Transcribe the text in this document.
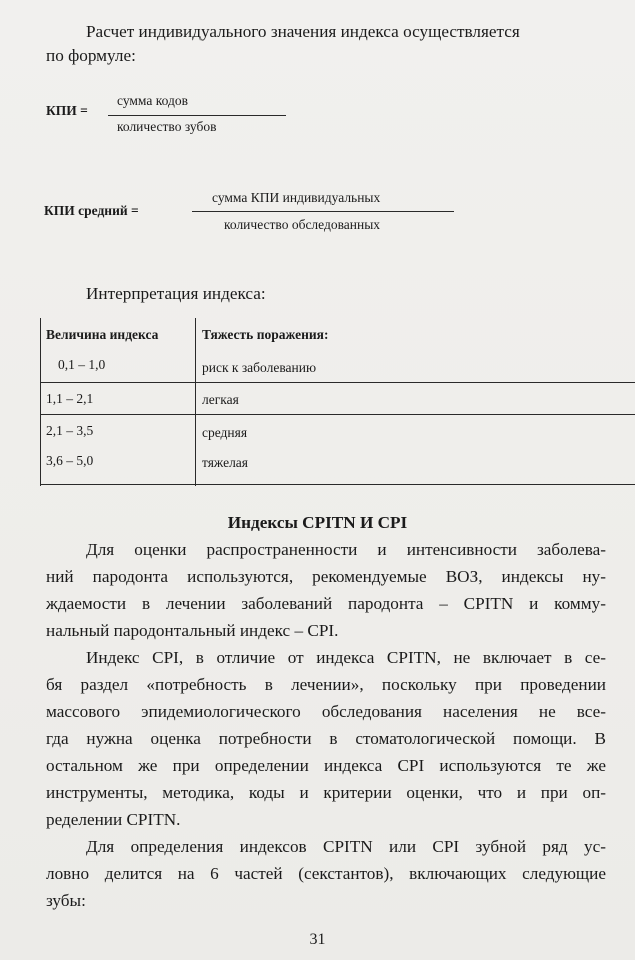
Расчет индивидуального значения индекса осуществляется
по формуле:
КПИ =
сумма кодов
количество зубов
КПИ средний =
сумма КПИ индивидуальных
количество обследованных
Интерпретация индекса:
Величина индекса	Тяжесть поражения:
0,1 – 1,0	риск к заболеванию
1,1 – 2,1	легкая
2,1 – 3,5	средняя
3,6 – 5,0	тяжелая
Индексы CPITN И CPI
Для оценки распространенности и интенсивности заболева-
ний пародонта используются, рекомендуемые ВОЗ, индексы ну-
ждаемости в лечении заболеваний пародонта – CPITN и комму-
нальный пародонтальный индекс – CPI.
Индекс CPI, в отличие от индекса CPITN, не включает в се-
бя раздел «потребность в лечении», поскольку при проведении
массового эпидемиологического обследования населения не все-
гда нужна оценка потребности в стоматологической помощи. В
остальном же при определении индекса CPI используются те же
инструменты, методика, коды и критерии оценки, что и при оп-
ределении CPITN.
Для определения индексов CPITN или CPI зубной ряд ус-
ловно делится на 6 частей (секстантов), включающих следующие
зубы:
31
